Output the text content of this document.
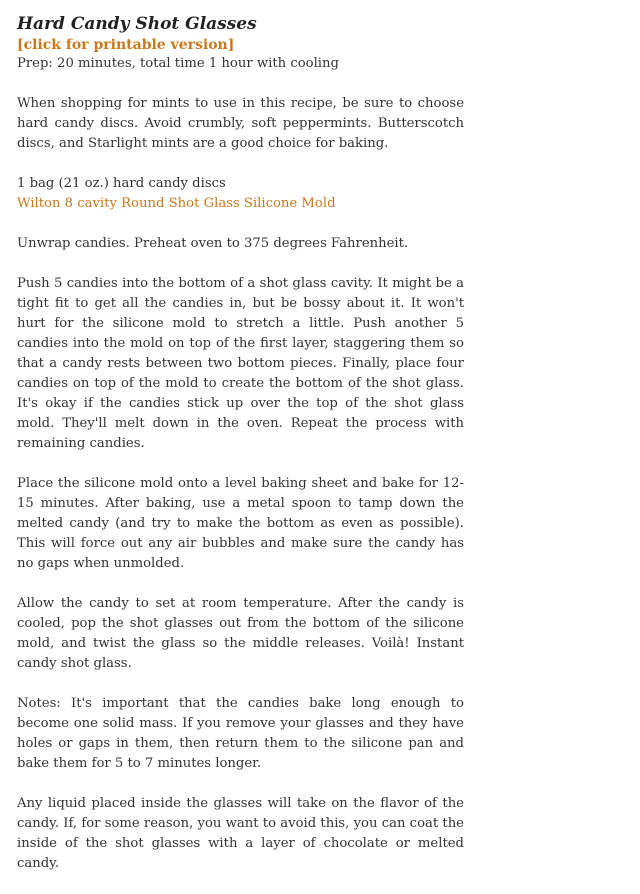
Hard Candy Shot Glasses
[click for printable version]

Prep: 20 minutes, total time 1 hour with cooling

When shopping for mints to use in this recipe, be sure to choose hard candy discs. Avoid crumbly, soft peppermints. Butterscotch discs, and Starlight mints are a good choice for baking.

1 bag (21 oz.) hard candy discs
Wilton 8 cavity Round Shot Glass Silicone Mold

Unwrap candies. Preheat oven to 375 degrees Fahrenheit.

Push 5 candies into the bottom of a shot glass cavity. It might be a tight fit to get all the candies in, but be bossy about it. It won't hurt for the silicone mold to stretch a little. Push another 5 candies into the mold on top of the first layer, staggering them so that a candy rests between two bottom pieces. Finally, place four candies on top of the mold to create the bottom of the shot glass. It's okay if the candies stick up over the top of the shot glass mold. They'll melt down in the oven. Repeat the process with remaining candies.

Place the silicone mold onto a level baking sheet and bake for 12-15 minutes. After baking, use a metal spoon to tamp down the melted candy (and try to make the bottom as even as possible). This will force out any air bubbles and make sure the candy has no gaps when unmolded.

Allow the candy to set at room temperature. After the candy is cooled, pop the shot glasses out from the bottom of the silicone mold, and twist the glass so the middle releases. Voilà! Instant candy shot glass.

Notes: It's important that the candies bake long enough to become one solid mass. If you remove your glasses and they have holes or gaps in them, then return them to the silicone pan and bake them for 5 to 7 minutes longer.

Any liquid placed inside the glasses will take on the flavor of the candy. If, for some reason, you want to avoid this, you can coat the inside of the shot glasses with a layer of chocolate or melted candy.
